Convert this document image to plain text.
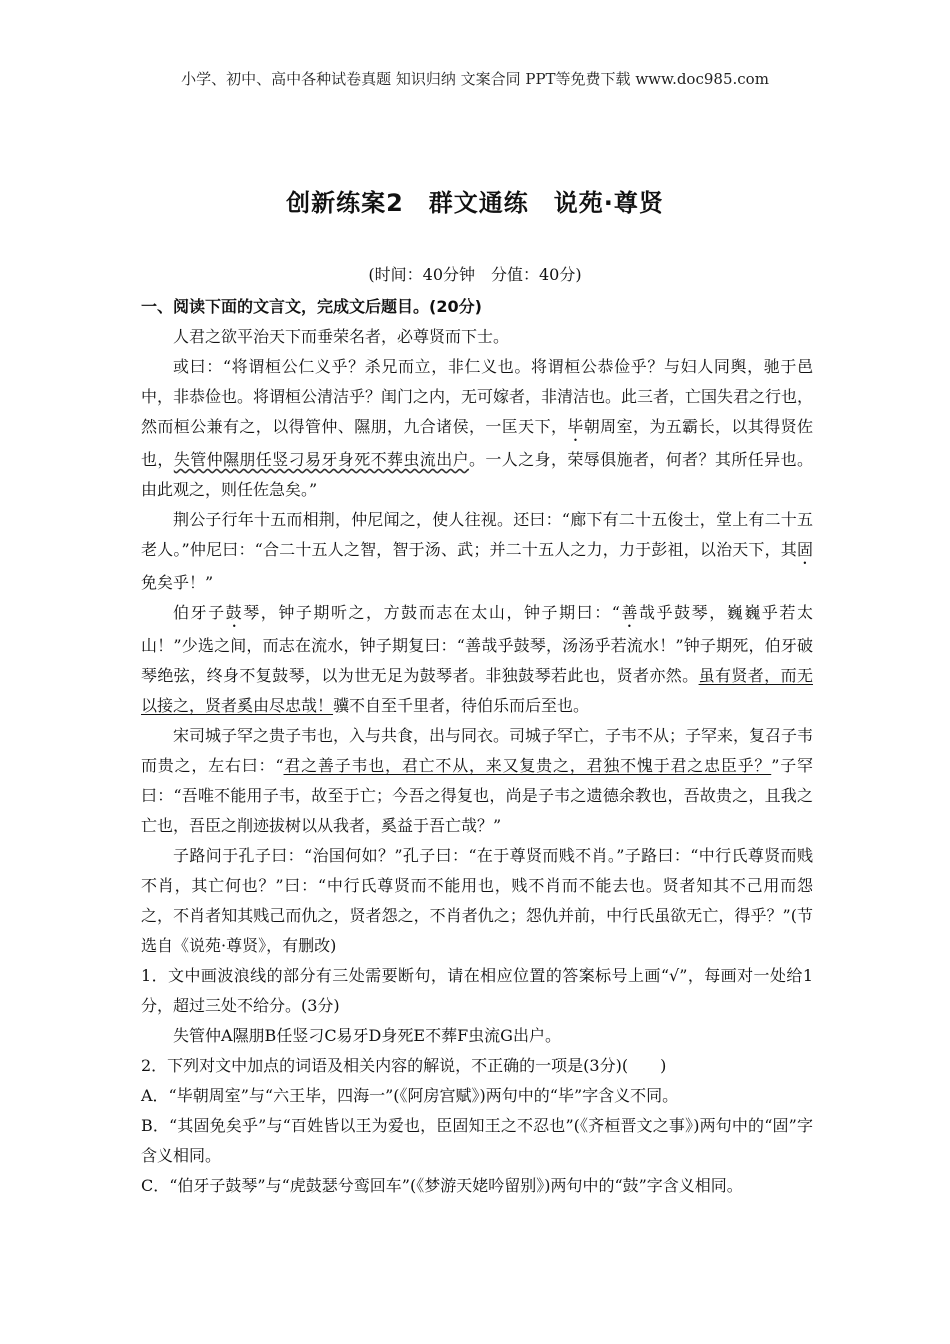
小学、初中、高中各种试卷真题 知识归纳 文案合同 PPT等免费下载 www.doc985.com
创新练案2　群文通练　说苑·尊贤
(时间：40分钟　分值：40分)

一、阅读下面的文言文，完成文后题目。(20分)

人君之欲平治天下而垂荣名者，必尊贤而下士。

或曰：“将谓桓公仁义乎？杀兄而立，非仁义也。将谓桓公恭俭乎？与妇人同舆，驰于邑中，非恭俭也。将谓桓公清洁乎？闺门之内，无可嫁者，非清洁也。此三者，亡国失君之行也，然而桓公兼有之，以得管仲、隰朋，九合诸侯，一匡天下，毕朝周室，为五霸长，以其得贤佐也，失管仲隰朋任竖刁易牙身死不葬虫流出户。一人之身，荣辱俱施者，何者？其所任异也。由此观之，则任佐急矣。”

荆公子行年十五而相荆，仲尼闻之，使人往视。还曰：“廊下有二十五俊士，堂上有二十五老人。”仲尼曰：“合二十五人之智，智于汤、武；并二十五人之力，力于彭祖，以治天下，其固免矣乎！”

伯牙子鼓琴，钟子期听之，方鼓而志在太山，钟子期曰：“善哉乎鼓琴，巍巍乎若太山！”少选之间，而志在流水，钟子期复曰：“善哉乎鼓琴，汤汤乎若流水！”钟子期死，伯牙破琴绝弦，终身不复鼓琴，以为世无足为鼓琴者。非独鼓琴若此也，贤者亦然。虽有贤者，而无以接之，贤者奚由尽忠哉！骥不自至千里者，待伯乐而后至也。

宋司城子罕之贵子韦也，入与共食，出与同衣。司城子罕亡，子韦不从；子罕来，复召子韦而贵之，左右曰：“君之善子韦也，君亡不从，来又复贵之，君独不愧于君之忠臣乎？”子罕曰：“吾唯不能用子韦，故至于亡；今吾之得复也，尚是子韦之遗德余教也，吾故贵之，且我之亡也，吾臣之削迹拔树以从我者，奚益于吾亡哉？”

子路问于孔子曰：“治国何如？”孔子曰：“在于尊贤而贱不肖。”子路曰：“中行氏尊贤而贱不肖，其亡何也？”曰：“中行氏尊贤而不能用也，贱不肖而不能去也。贤者知其不己用而怨之，不肖者知其贱己而仇之，贤者怨之，不肖者仇之；怨仇并前，中行氏虽欲无亡，得乎？”(节选自《说苑·尊贤》，有删改)

1．文中画波浪线的部分有三处需要断句，请在相应位置的答案标号上画“√”，每画对一处给1分，超过三处不给分。(3分)

失管仲A隰朋B任竖刁C易牙D身死E不葬F虫流G出户。

2．下列对文中加点的词语及相关内容的解说，不正确的一项是(3分)(　　)

A．“毕朝周室”与“六王毕，四海一”(《阿房宫赋》)两句中的“毕”字含义不同。

B．“其固免矣乎”与“百姓皆以王为爱也，臣固知王之不忍也”(《齐桓晋文之事》)两句中的“固”字含义相同。

C．“伯牙子鼓琴”与“虎鼓瑟兮鸾回车”(《梦游天姥吟留别》)两句中的“鼓”字含义相同。
